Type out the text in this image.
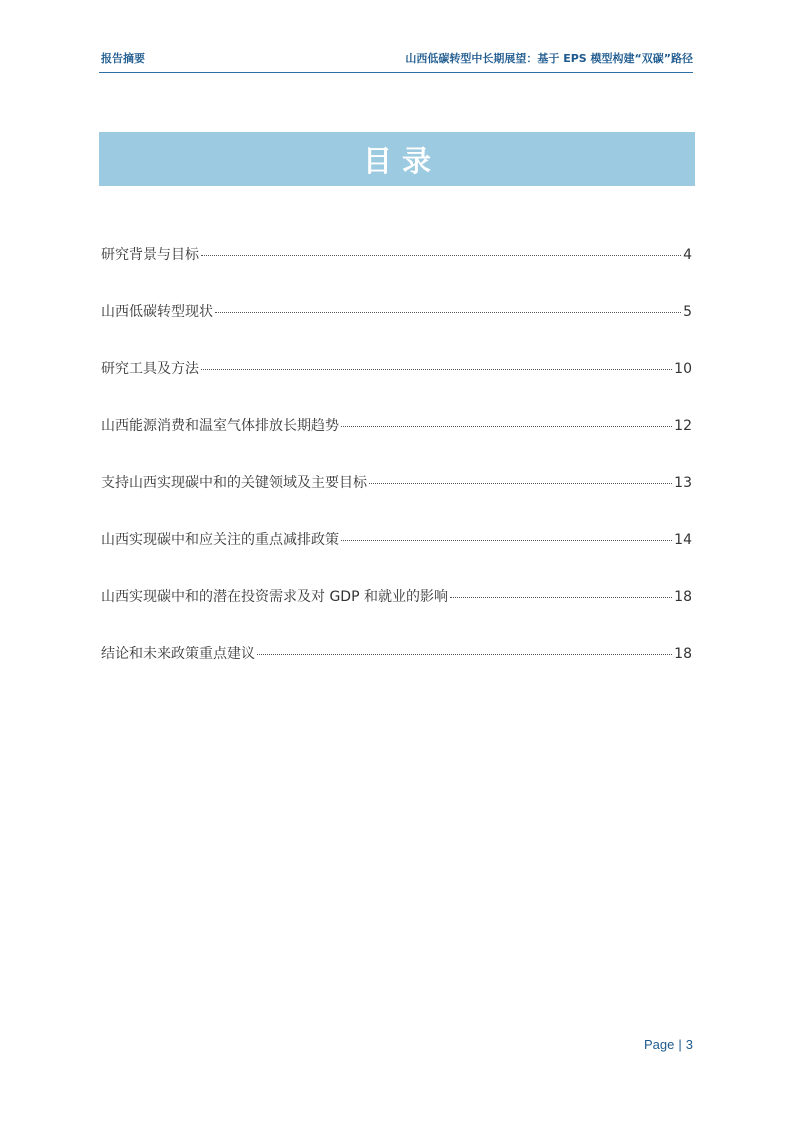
报告摘要	山西低碳转型中长期展望：基于 EPS 模型构建“双碳”路径
目录
研究背景与目标	4
山西低碳转型现状	5
研究工具及方法	10
山西能源消费和温室气体排放长期趋势	12
支持山西实现碳中和的关键领域及主要目标	13
山西实现碳中和应关注的重点减排政策	14
山西实现碳中和的潜在投资需求及对 GDP 和就业的影响	18
结论和未来政策重点建议	18
Page | 3
